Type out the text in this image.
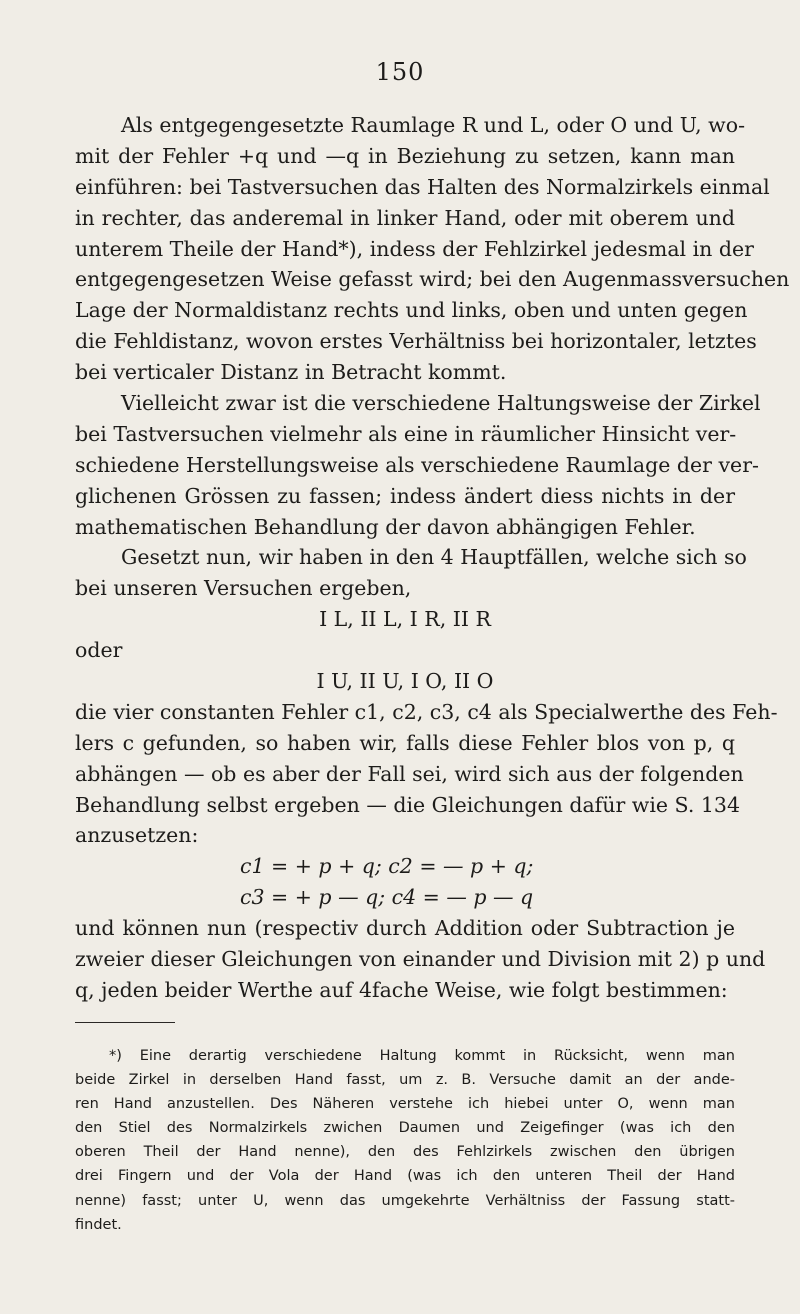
150
Als entgegengesetzte Raumlage R und L, oder O und U, wo-
mit der Fehler +q und —q in Beziehung zu setzen, kann man
einführen: bei Tastversuchen das Halten des Normalzirkels einmal
in rechter, das anderemal in linker Hand, oder mit oberem und
unterem Theile der Hand*), indess der Fehlzirkel jedesmal in der
entgegengesetzen Weise gefasst wird; bei den Augenmassversuchen
Lage der Normaldistanz rechts und links, oben und unten gegen
die Fehldistanz, wovon erstes Verhältniss bei horizontaler, letztes
bei verticaler Distanz in Betracht kommt.
Vielleicht zwar ist die verschiedene Haltungsweise der Zirkel
bei Tastversuchen vielmehr als eine in räumlicher Hinsicht ver-
schiedene Herstellungsweise als verschiedene Raumlage der ver-
glichenen Grössen zu fassen; indess ändert diess nichts in der
mathematischen Behandlung der davon abhängigen Fehler.
Gesetzt nun, wir haben in den 4 Hauptfällen, welche sich so
bei unseren Versuchen ergeben,
I L, II L, I R, II R
oder
I U, II U, I O, II O
die vier constanten Fehler c1, c2, c3, c4 als Specialwerthe des Feh-
lers c gefunden, so haben wir, falls diese Fehler blos von p, q
abhängen — ob es aber der Fall sei, wird sich aus der folgenden
Behandlung selbst ergeben — die Gleichungen dafür wie S. 134
anzusetzen:
c1 = + p + q; c2 = — p + q;
c3 = + p — q; c4 = — p — q
und können nun (respectiv durch Addition oder Subtraction je
zweier dieser Gleichungen von einander und Division mit 2) p und
q, jeden beider Werthe auf 4fache Weise, wie folgt bestimmen:
*) Eine derartig verschiedene Haltung kommt in Rücksicht, wenn man
beide Zirkel in derselben Hand fasst, um z. B. Versuche damit an der ande-
ren Hand anzustellen. Des Näheren verstehe ich hiebei unter O, wenn man
den Stiel des Normalzirkels zwichen Daumen und Zeigefinger (was ich den
oberen Theil der Hand nenne), den des Fehlzirkels zwischen den übrigen
drei Fingern und der Vola der Hand (was ich den unteren Theil der Hand
nenne) fasst; unter U, wenn das umgekehrte Verhältniss der Fassung statt-
findet.
